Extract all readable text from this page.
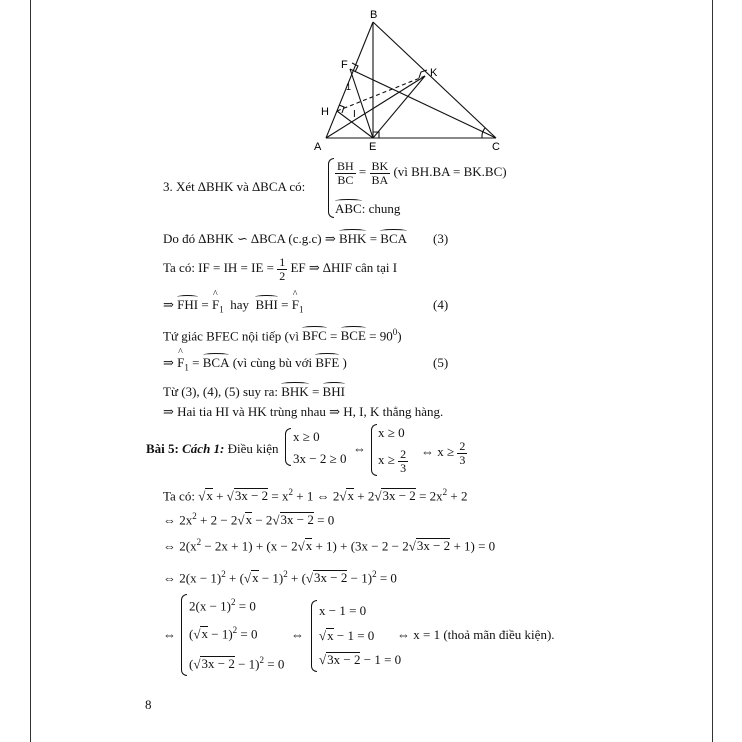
B
F
K
H I
1
A	E	C
3. Xét ∆BHK và ∆BCA có:
$\frac{BH}{BC} = \frac{BK}{BA}$ (vì BH.BA = BK.BC)
ABC: chung
Do đó ∆BHK ∽ ∆BCA (c.g.c) ⇒ BHK = BCA (3)
Ta có: IF = IH = IE = $\frac{1}{2}$ EF ⇒ ∆HIF cân tại I
⇒ FHI = ^ $F_1$ hay BHI = ^ $F_1$	(4)
Tứ giác BFEC nội tiếp (vì BFC = BCE = $90^0$)
⇒ ^ $F_1$ = BCA (vì cùng bù với BFE )	(5)
Từ (3), (4), (5) suy ra: BHK = BHI
⇒ Hai tia HI và HK trùng nhau ⇒ H, I, K thẳng hàng.
Bài 5: Cách 1: Điều kiện
x ≥ 0
3x − 2 ≥ 0
⇔
x ≥ 0
$x \ge \frac{2}{3}$ ⇔ $x \ge \frac{2}{3}$
Ta có: $√x + √3x - 2 = x^2 + 1$ ⇔ $2√x + 2√3x - 2 = 2x^2 + 2$
⇔ $2x^2 + 2 - 2√x - 2√3x - 2 = 0$
⇔ $2(x^2 - 2x + 1) + (x - 2√x + 1) + (3x - 2 - 2√3x - 2 + 1) = 0$
⇔ $2(x - 1)^2 + (√x - 1)^2 + (√3x - 2 - 1)^2 = 0$
⇔
$2(x - 1)^2 = 0$
$(√x - 1)^2 = 0$
$(√3x - 2 - 1)^2 = 0$
⇔
x − 1 = 0
√x − 1 = 0
√3x − 2 − 1 = 0
⇔ x = 1 (thoả mãn điều kiện).
8
